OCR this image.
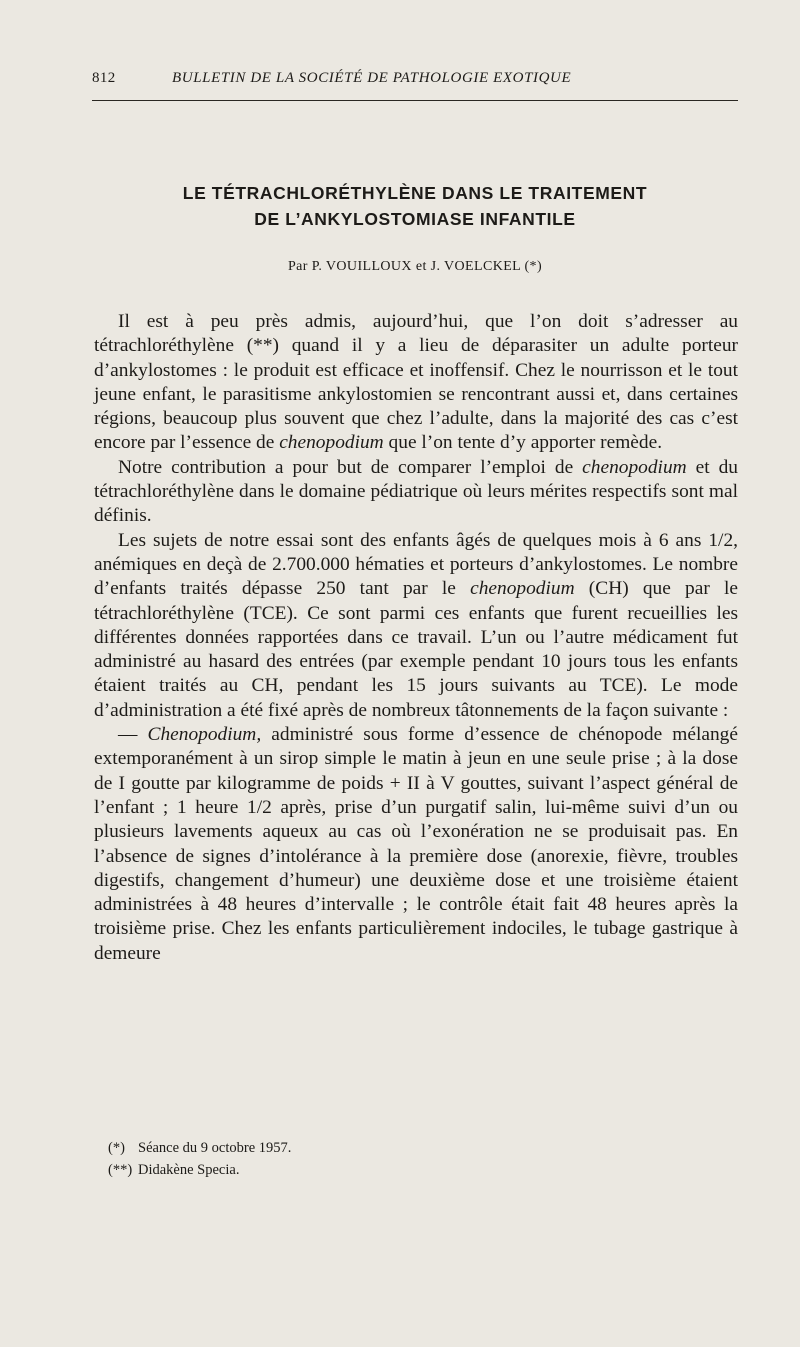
812	BULLETIN DE LA SOCIÉTÉ DE PATHOLOGIE EXOTIQUE
LE TÉTRACHLORÉTHYLÈNE DANS LE TRAITEMENT
DE L’ANKYLOSTOMIASE INFANTILE
Par P. VOUILLOUX et J. VOELCKEL (*)

Il est à peu près admis, aujourd’hui, que l’on doit s’adresser au tétrachloréthylène (**) quand il y a lieu de déparasiter un adulte porteur d’ankylostomes : le produit est efficace et inoffensif. Chez le nourrisson et le tout jeune enfant, le parasitisme ankylostomien se rencontrant aussi et, dans certaines régions, beaucoup plus souvent que chez l’adulte, dans la majorité des cas c’est encore par l’essence de chenopodium que l’on tente d’y apporter remède.

Notre contribution a pour but de comparer l’emploi de chenopodium et du tétrachloréthylène dans le domaine pédiatrique où leurs mérites respectifs sont mal définis.

Les sujets de notre essai sont des enfants âgés de quelques mois à 6 ans 1/2, anémiques en deçà de 2.700.000 hématies et porteurs d’ankylostomes. Le nombre d’enfants traités dépasse 250 tant par le chenopodium (CH) que par le tétrachloréthylène (TCE). Ce sont parmi ces enfants que furent recueillies les différentes données rapportées dans ce travail. L’un ou l’autre médicament fut administré au hasard des entrées (par exemple pendant 10 jours tous les enfants étaient traités au CH, pendant les 15 jours suivants au TCE). Le mode d’administration a été fixé après de nombreux tâtonnements de la façon suivante :

— Chenopodium, administré sous forme d’essence de chénopode mélangé extemporanément à un sirop simple le matin à jeun en une seule prise ; à la dose de I goutte par kilogramme de poids + II à V gouttes, suivant l’aspect général de l’enfant ; 1 heure 1/2 après, prise d’un purgatif salin, lui-même suivi d’un ou plusieurs lavements aqueux au cas où l’exonération ne se produisait pas. En l’absence de signes d’intolérance à la première dose (anorexie, fièvre, troubles digestifs, changement d’humeur) une deuxième dose et une troisième étaient administrées à 48 heures d’intervalle ; le contrôle était fait 48 heures après la troisième prise. Chez les enfants particulièrement indociles, le tubage gastrique à demeure

(*) Séance du 9 octobre 1957.
(**) Didakène Specia.
